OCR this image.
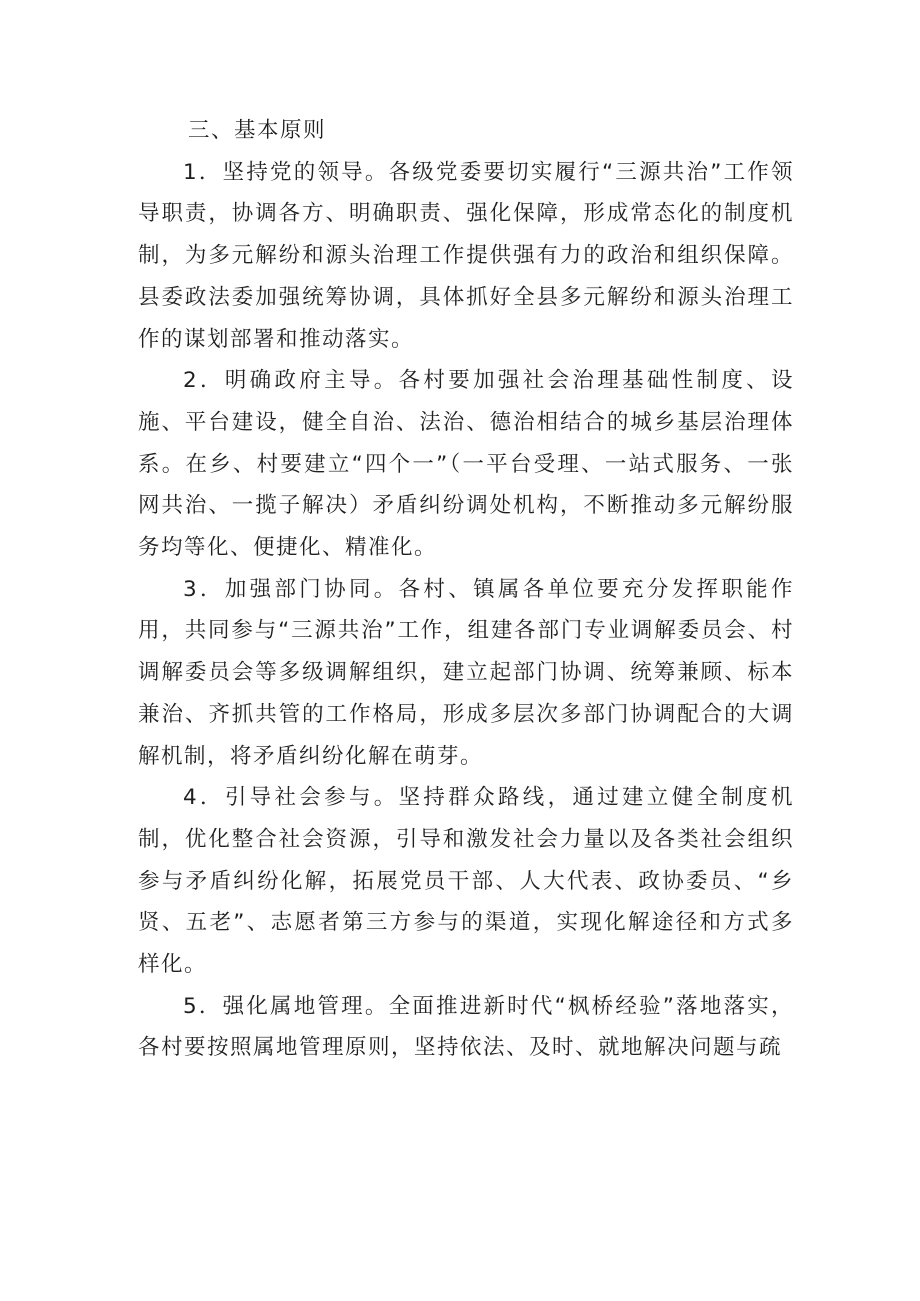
三、基本原则

1．坚持党的领导。各级党委要切实履行“三源共治”工作领导职责，协调各方、明确职责、强化保障，形成常态化的制度机制，为多元解纷和源头治理工作提供强有力的政治和组织保障。县委政法委加强统筹协调，具体抓好全县多元解纷和源头治理工作的谋划部署和推动落实。

2．明确政府主导。各村要加强社会治理基础性制度、设施、平台建设，健全自治、法治、德治相结合的城乡基层治理体系。在乡、村要建立“四个一”（一平台受理、一站式服务、一张网共治、一揽子解决）矛盾纠纷调处机构，不断推动多元解纷服务均等化、便捷化、精准化。

3．加强部门协同。各村、镇属各单位要充分发挥职能作用，共同参与“三源共治”工作，组建各部门专业调解委员会、村调解委员会等多级调解组织，建立起部门协调、统筹兼顾、标本兼治、齐抓共管的工作格局，形成多层次多部门协调配合的大调解机制，将矛盾纠纷化解在萌芽。

4．引导社会参与。坚持群众路线，通过建立健全制度机制，优化整合社会资源，引导和激发社会力量以及各类社会组织参与矛盾纠纷化解，拓展党员干部、人大代表、政协委员、“乡贤、五老”、志愿者第三方参与的渠道，实现化解途径和方式多样化。

5．强化属地管理。全面推进新时代“枫桥经验”落地落实，各村要按照属地管理原则，坚持依法、及时、就地解决问题与疏
